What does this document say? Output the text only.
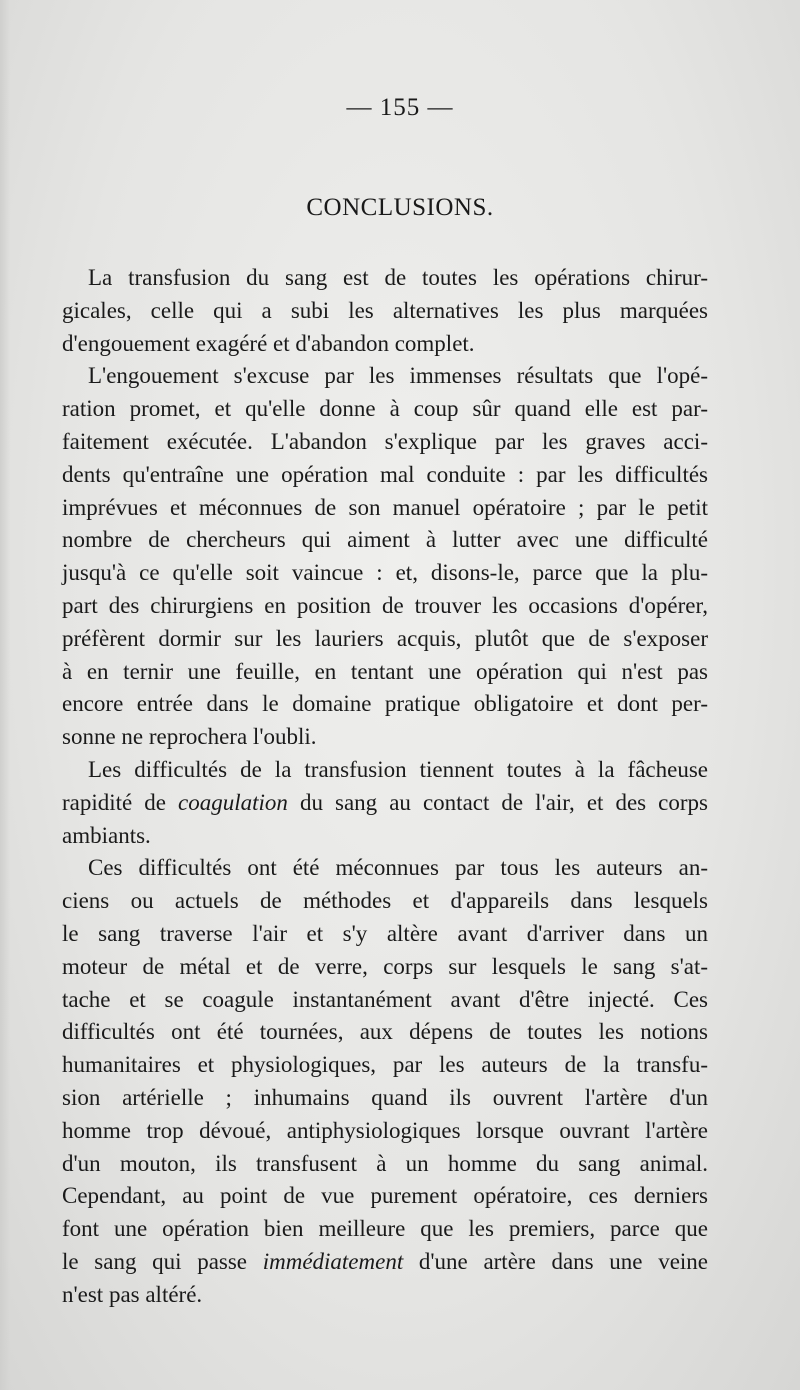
— 155 —
CONCLUSIONS.
La transfusion du sang est de toutes les opérations chirur-
gicales, celle qui a subi les alternatives les plus marquées
d'engouement exagéré et d'abandon complet.
L'engouement s'excuse par les immenses résultats que l'opé-
ration promet, et qu'elle donne à coup sûr quand elle est par-
faitement exécutée. L'abandon s'explique par les graves acci-
dents qu'entraîne une opération mal conduite : par les difficultés
imprévues et méconnues de son manuel opératoire ; par le petit
nombre de chercheurs qui aiment à lutter avec une difficulté
jusqu'à ce qu'elle soit vaincue : et, disons-le, parce que la plu-
part des chirurgiens en position de trouver les occasions d'opérer,
préfèrent dormir sur les lauriers acquis, plutôt que de s'exposer
à en ternir une feuille, en tentant une opération qui n'est pas
encore entrée dans le domaine pratique obligatoire et dont per-
sonne ne reprochera l'oubli.
Les difficultés de la transfusion tiennent toutes à la fâcheuse
rapidité de coagulation du sang au contact de l'air, et des corps
ambiants.
Ces difficultés ont été méconnues par tous les auteurs an-
ciens ou actuels de méthodes et d'appareils dans lesquels
le sang traverse l'air et s'y altère avant d'arriver dans un
moteur de métal et de verre, corps sur lesquels le sang s'at-
tache et se coagule instantanément avant d'être injecté. Ces
difficultés ont été tournées, aux dépens de toutes les notions
humanitaires et physiologiques, par les auteurs de la transfu-
sion artérielle ; inhumains quand ils ouvrent l'artère d'un
homme trop dévoué, antiphysiologiques lorsque ouvrant l'artère
d'un mouton, ils transfusent à un homme du sang animal.
Cependant, au point de vue purement opératoire, ces derniers
font une opération bien meilleure que les premiers, parce que
le sang qui passe immédiatement d'une artère dans une veine
n'est pas altéré.
